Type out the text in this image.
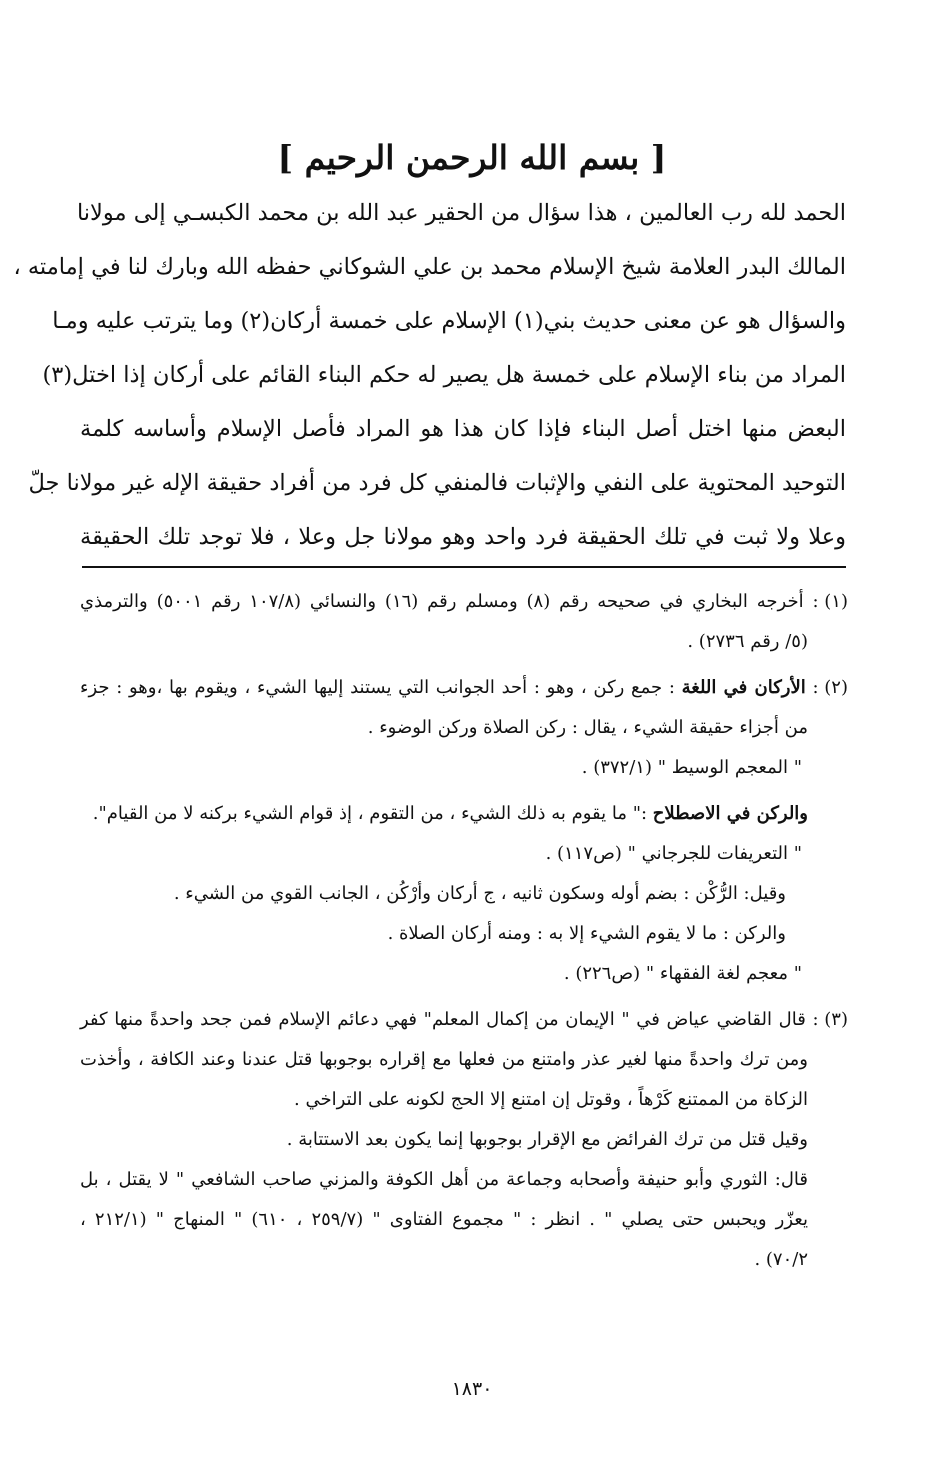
[ بسم الله الرحمن الرحيم ]
الحمد لله رب العالمين ، هذا سؤال من الحقير عبد الله بن محمد الكبسـي إلى مولانا
المالك البدر العلامة شيخ الإسلام محمد بن علي الشوكاني حفظه الله وبارك لنا في إمامته ،
والسؤال هو عن معنى حديث بني(١) الإسلام على خمسة أركان(٢) وما يترتب عليه ومـا
المراد من بناء الإسلام على خمسة هل يصير له حكم البناء القائم على أركان إذا اختل(٣)
البعض منها اختل أصل البناء فإذا كان هذا هو المراد فأصل الإسلام وأساسه كلمة
التوحيد المحتوية على النفي والإثبات فالمنفي كل فرد من أفراد حقيقة الإله غير مولانا جلّ
وعلا ولا ثبت في تلك الحقيقة فرد واحد وهو مولانا جل وعلا ، فلا توجد تلك الحقيقة
(١) : أخرجه البخاري في صحيحه رقم (٨) ومسلم رقم (١٦) والنسائي (١٠٧/٨ رقم ٥٠٠١) والترمذي
(٥/ رقم ٢٧٣٦) .
(٢) : الأركان في اللغة : جمع ركن ، وهو : أحد الجوانب التي يستند إليها الشيء ، ويقوم بها ،وهو : جزء
من أجزاء حقيقة الشيء ، يقال : ركن الصلاة وركن الوضوء .
" المعجم الوسيط " (٣٧٢/١) .
والركن في الاصطلاح :" ما يقوم به ذلك الشيء ، من التقوم ، إذ قوام الشيء بركنه لا من القيام".
" التعريفات للجرجاني " (ص١١٧) .
وقيل: الرُّكْن : بضم أوله وسكون ثانيه ، ج أركان وأرْكُن ، الجانب القوي من الشيء .
والركن : ما لا يقوم الشيء إلا به : ومنه أركان الصلاة .
" معجم لغة الفقهاء " (ص٢٢٦) .
(٣) : قال القاضي عياض في " الإيمان من إكمال المعلم" فهي دعائم الإسلام فمن جحد واحدةً منها كفر
ومن ترك واحدةً منها لغير عذر وامتنع من فعلها مع إقراره بوجوبها قتل عندنا وعند الكافة ، وأخذت
الزكاة من الممتنع كَرْهاً ، وقوتل إن امتنع إلا الحج لكونه على التراخي .
وقيل قتل من ترك الفرائض مع الإقرار بوجوبها إنما يكون بعد الاستتابة .
قال: الثوري وأبو حنيفة وأصحابه وجماعة من أهل الكوفة والمزني صاحب الشافعي " لا يقتل ، بل
يعزّر ويحبس حتى يصلي " . انظر : " مجموع الفتاوى " (٢٥٩/٧ ، ٦١٠) " المنهاج " (٢١٢/١ ،
٧٠/٢) .
١٨٣٠
